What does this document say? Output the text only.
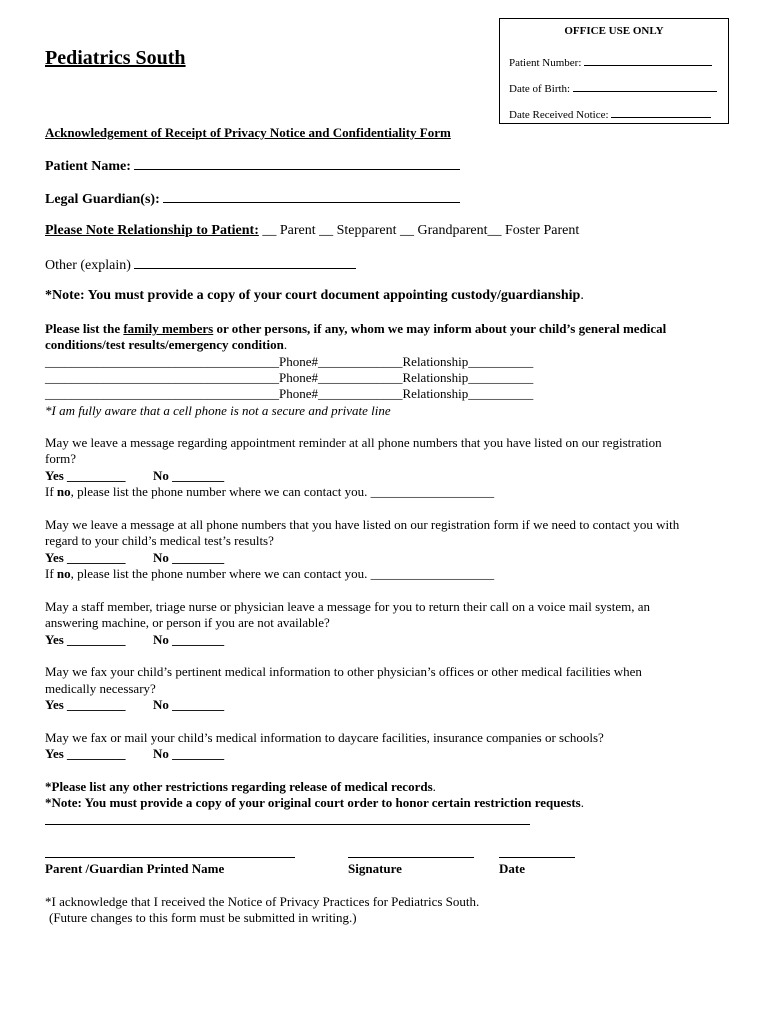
OFFICE USE ONLY
Patient Number:
Date of Birth:
Date Received Notice:
Pediatrics South
Acknowledgement of Receipt of Privacy Notice and Confidentiality Form
Patient Name:
Legal Guardian(s):
Please Note Relationship to Patient: __ Parent __ Stepparent __ Grandparent__ Foster Parent
Other (explain)
*Note: You must provide a copy of your court document appointing custody/guardianship.
Please list the family members or other persons, if any, whom we may inform about your child’s general medical
conditions/test results/emergency condition.
____________________________________Phone#_____________Relationship__________
____________________________________Phone#_____________Relationship__________
____________________________________Phone#_____________Relationship__________
*I am fully aware that a cell phone is not a secure and private line
May we leave a message regarding appointment reminder at all phone numbers that you have listed on our registration
form?
Yes _________ No ________
If no, please list the phone number where we can contact you. ___________________
May we leave a message at all phone numbers that you have listed on our registration form if we need to contact you with
regard to your child’s medical test’s results?
Yes _________ No ________
If no, please list the phone number where we can contact you. ___________________
May a staff member, triage nurse or physician leave a message for you to return their call on a voice mail system, an
answering machine, or person if you are not available?
Yes _________ No ________
May we fax your child’s pertinent medical information to other physician’s offices or other medical facilities when
medically necessary?
Yes _________ No ________
May we fax or mail your child’s medical information to daycare facilities, insurance companies or schools?
Yes _________ No ________
*Please list any other restrictions regarding release of medical records.
*Note: You must provide a copy of your original court order to honor certain restriction requests.
Parent /Guardian Printed Name	Signature	Date
*I acknowledge that I received the Notice of Privacy Practices for Pediatrics South.
(Future changes to this form must be submitted in writing.)
